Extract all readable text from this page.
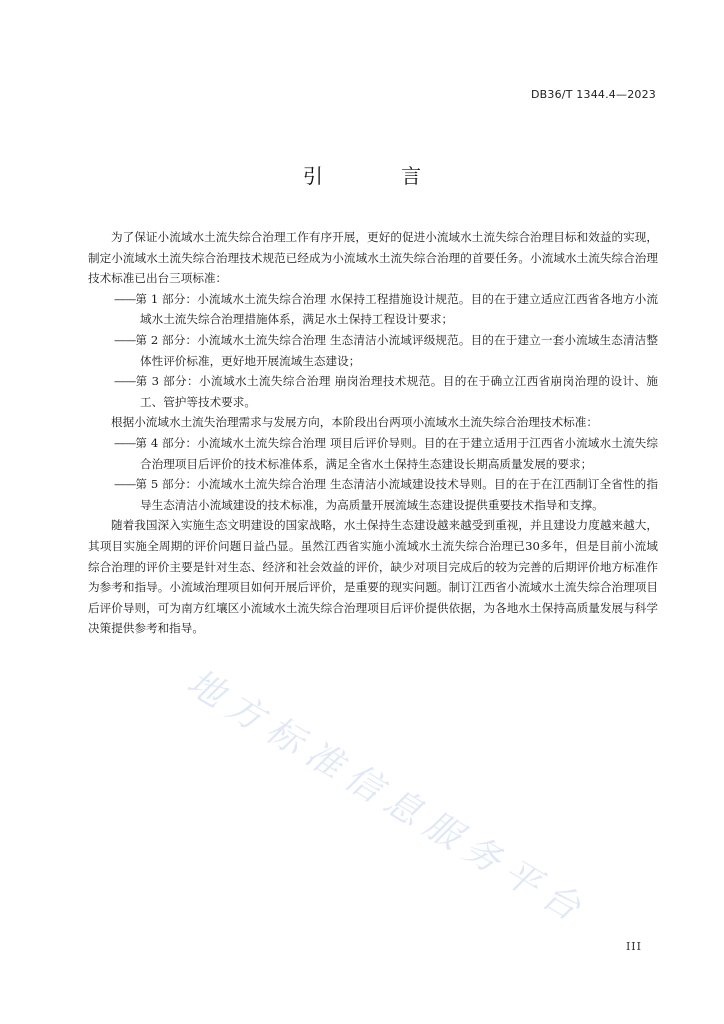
DB36/T 1344.4—2023
引 言

为了保证小流域水土流失综合治理工作有序开展，更好的促进小流域水土流失综合治理目标和效益的实现，制定小流域水土流失综合治理技术规范已经成为小流域水土流失综合治理的首要任务。小流域水土流失综合治理技术标准已出台三项标准：

——第 1 部分：小流域水土流失综合治理 水保持工程措施设计规范。目的在于建立适应江西省各地方小流域水土流失综合治理措施体系，满足水土保持工程设计要求；

——第 2 部分：小流域水土流失综合治理 生态清洁小流域评级规范。目的在于建立一套小流域生态清洁整体性评价标准，更好地开展流域生态建设；

——第 3 部分：小流域水土流失综合治理 崩岗治理技术规范。目的在于确立江西省崩岗治理的设计、施工、管护等技术要求。

根据小流域水土流失治理需求与发展方向，本阶段出台两项小流域水土流失综合治理技术标准：

——第 4 部分：小流域水土流失综合治理 项目后评价导则。目的在于建立适用于江西省小流域水土流失综合治理项目后评价的技术标准体系，满足全省水土保持生态建设长期高质量发展的要求；

——第 5 部分：小流域水土流失综合治理 生态清洁小流域建设技术导则。目的在于在江西制订全省性的指导生态清洁小流域建设的技术标准，为高质量开展流域生态建设提供重要技术指导和支撑。

随着我国深入实施生态文明建设的国家战略，水土保持生态建设越来越受到重视，并且建设力度越来越大，其项目实施全周期的评价问题日益凸显。虽然江西省实施小流域水土流失综合治理已30多年，但是目前小流域综合治理的评价主要是针对生态、经济和社会效益的评价，缺少对项目完成后的较为完善的后期评价地方标准作为参考和指导。小流域治理项目如何开展后评价，是重要的现实问题。制订江西省小流域水土流失综合治理项目后评价导则，可为南方红壤区小流域水土流失综合治理项目后评价提供依据，为各地水土保持高质量发展与科学决策提供参考和指导。

地方标准信息服务平台
III
